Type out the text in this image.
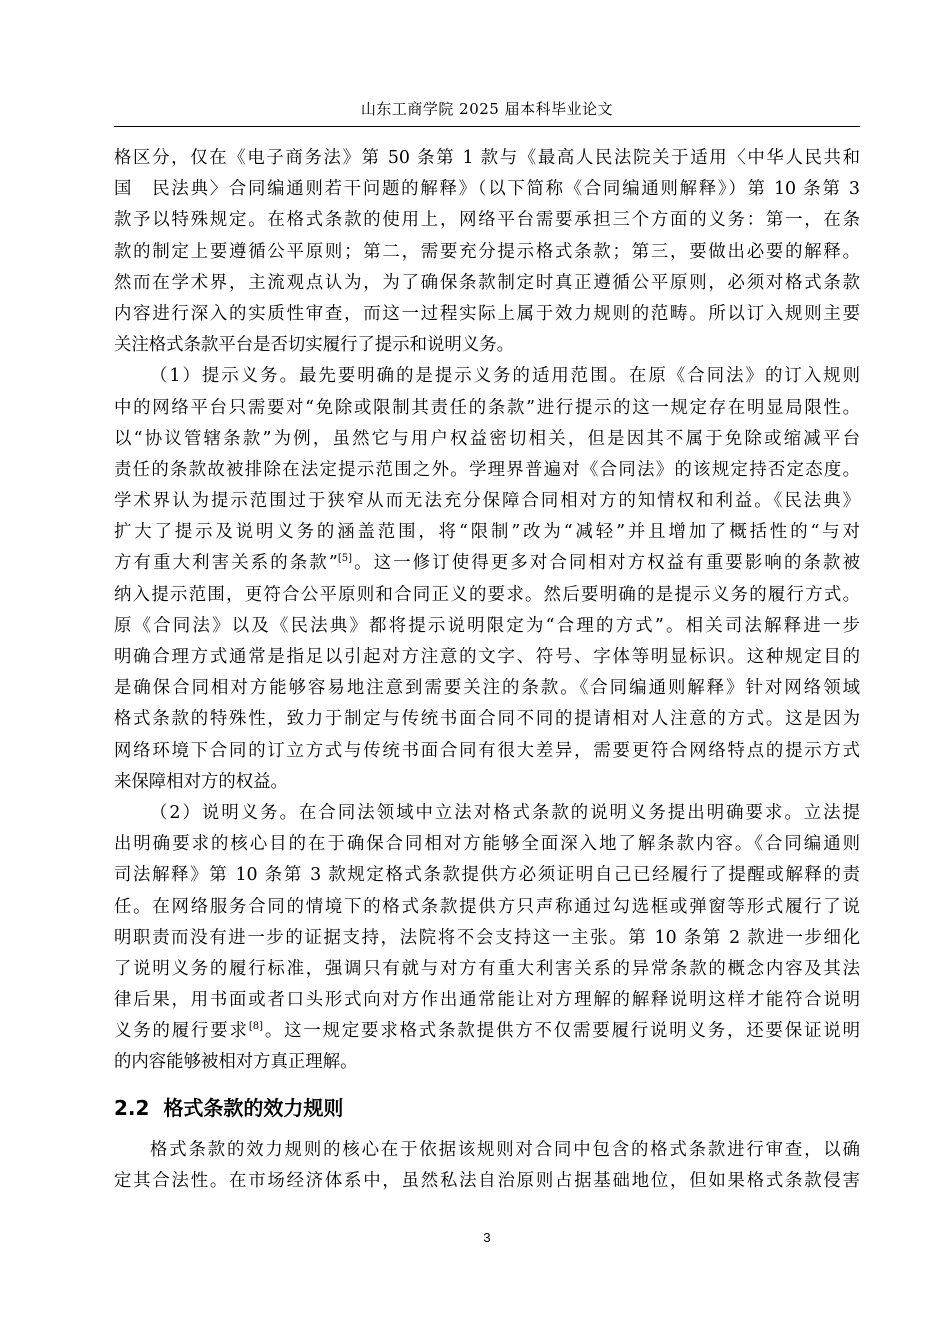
山东工商学院 2025 届本科毕业论文
格区分，仅在《电子商务法》第 50 条第 1 款与《最高人民法院关于适用〈中华人民共和
国　民法典〉合同编通则若干问题的解释》（以下简称《合同编通则解释》）第 10 条第 3
款予以特殊规定。在格式条款的使用上，网络平台需要承担三个方面的义务：第一，在条
款的制定上要遵循公平原则；第二，需要充分提示格式条款；第三，要做出必要的解释。
然而在学术界，主流观点认为，为了确保条款制定时真正遵循公平原则，必须对格式条款
内容进行深入的实质性审查，而这一过程实际上属于效力规则的范畴。所以订入规则主要
关注格式条款平台是否切实履行了提示和说明义务。
（1）提示义务。最先要明确的是提示义务的适用范围。在原《合同法》的订入规则
中的网络平台只需要对“免除或限制其责任的条款”进行提示的这一规定存在明显局限性。
以“协议管辖条款”为例，虽然它与用户权益密切相关，但是因其不属于免除或缩减平台
责任的条款故被排除在法定提示范围之外。学理界普遍对《合同法》的该规定持否定态度。
学术界认为提示范围过于狭窄从而无法充分保障合同相对方的知情权和利益。《民法典》
扩大了提示及说明义务的涵盖范围，将“限制”改为“减轻”并且增加了概括性的“与对
方有重大利害关系的条款”[5]。这一修订使得更多对合同相对方权益有重要影响的条款被
纳入提示范围，更符合公平原则和合同正义的要求。然后要明确的是提示义务的履行方式。
原《合同法》以及《民法典》都将提示说明限定为“合理的方式”。相关司法解释进一步
明确合理方式通常是指足以引起对方注意的文字、符号、字体等明显标识。这种规定目的
是确保合同相对方能够容易地注意到需要关注的条款。《合同编通则解释》针对网络领域
格式条款的特殊性，致力于制定与传统书面合同不同的提请相对人注意的方式。这是因为
网络环境下合同的订立方式与传统书面合同有很大差异，需要更符合网络特点的提示方式
来保障相对方的权益。
（2）说明义务。在合同法领域中立法对格式条款的说明义务提出明确要求。立法提
出明确要求的核心目的在于确保合同相对方能够全面深入地了解条款内容。《合同编通则
司法解释》第 10 条第 3 款规定格式条款提供方必须证明自己已经履行了提醒或解释的责
任。在网络服务合同的情境下的格式条款提供方只声称通过勾选框或弹窗等形式履行了说
明职责而没有进一步的证据支持，法院将不会支持这一主张。第 10 条第 2 款进一步细化
了说明义务的履行标准，强调只有就与对方有重大利害关系的异常条款的概念内容及其法
律后果，用书面或者口头形式向对方作出通常能让对方理解的解释说明这样才能符合说明
义务的履行要求[8]。这一规定要求格式条款提供方不仅需要履行说明义务，还要保证说明
的内容能够被相对方真正理解。
2.2 格式条款的效力规则
格式条款的效力规则的核心在于依据该规则对合同中包含的格式条款进行审查，以确
定其合法性。在市场经济体系中，虽然私法自治原则占据基础地位，但如果格式条款侵害
3
